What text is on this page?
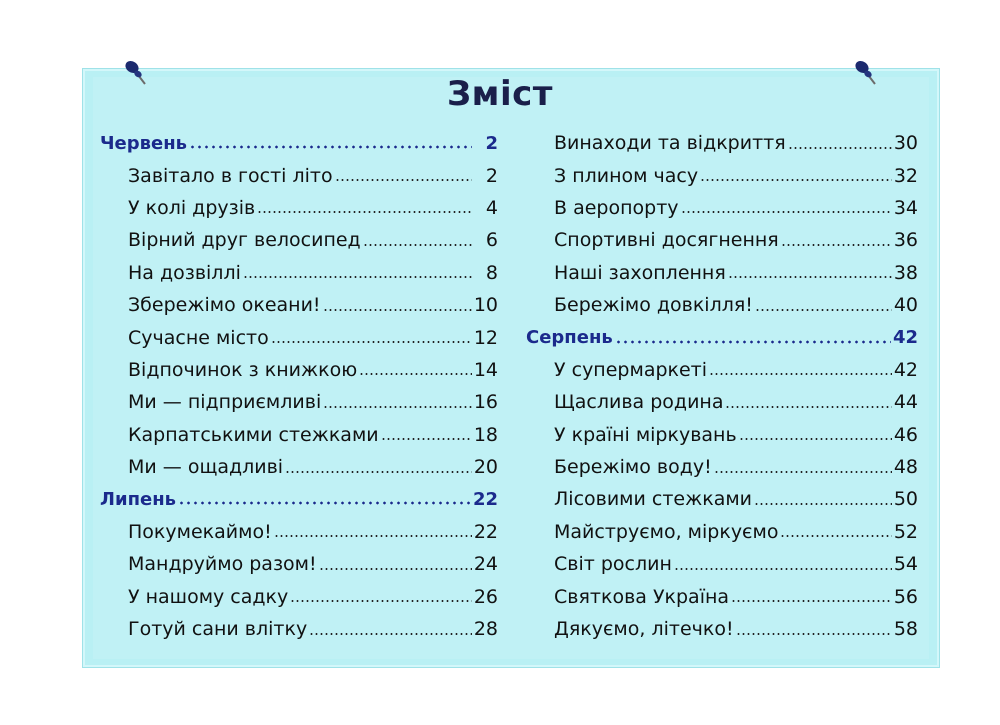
Зміст
Червень	2
Завітало в гості літо	2
У колі друзів	4
Вірний друг велосипед	6
На дозвіллі	8
Збережімо океани!	10
Сучасне місто	12
Відпочинок з книжкою	14
Ми — підприємливі	16
Карпатськими стежками	18
Ми — ощадливі	20
Липень	22
Покумекаймо!	22
Мандруймо разом!	24
У нашому садку	26
Готуй сани влітку	28
Винаходи та відкриття	30
З плином часу	32
В аеропорту	34
Спортивні досягнення	36
Наші захоплення	38
Бережімо довкілля!	40
Серпень	42
У супермаркеті	42
Щаслива родина	44
У країні міркувань	46
Бережімо воду!	48
Лісовими стежками	50
Майструємо, міркуємо	52
Світ рослин	54
Святкова Україна	56
Дякуємо, літечко!	58
